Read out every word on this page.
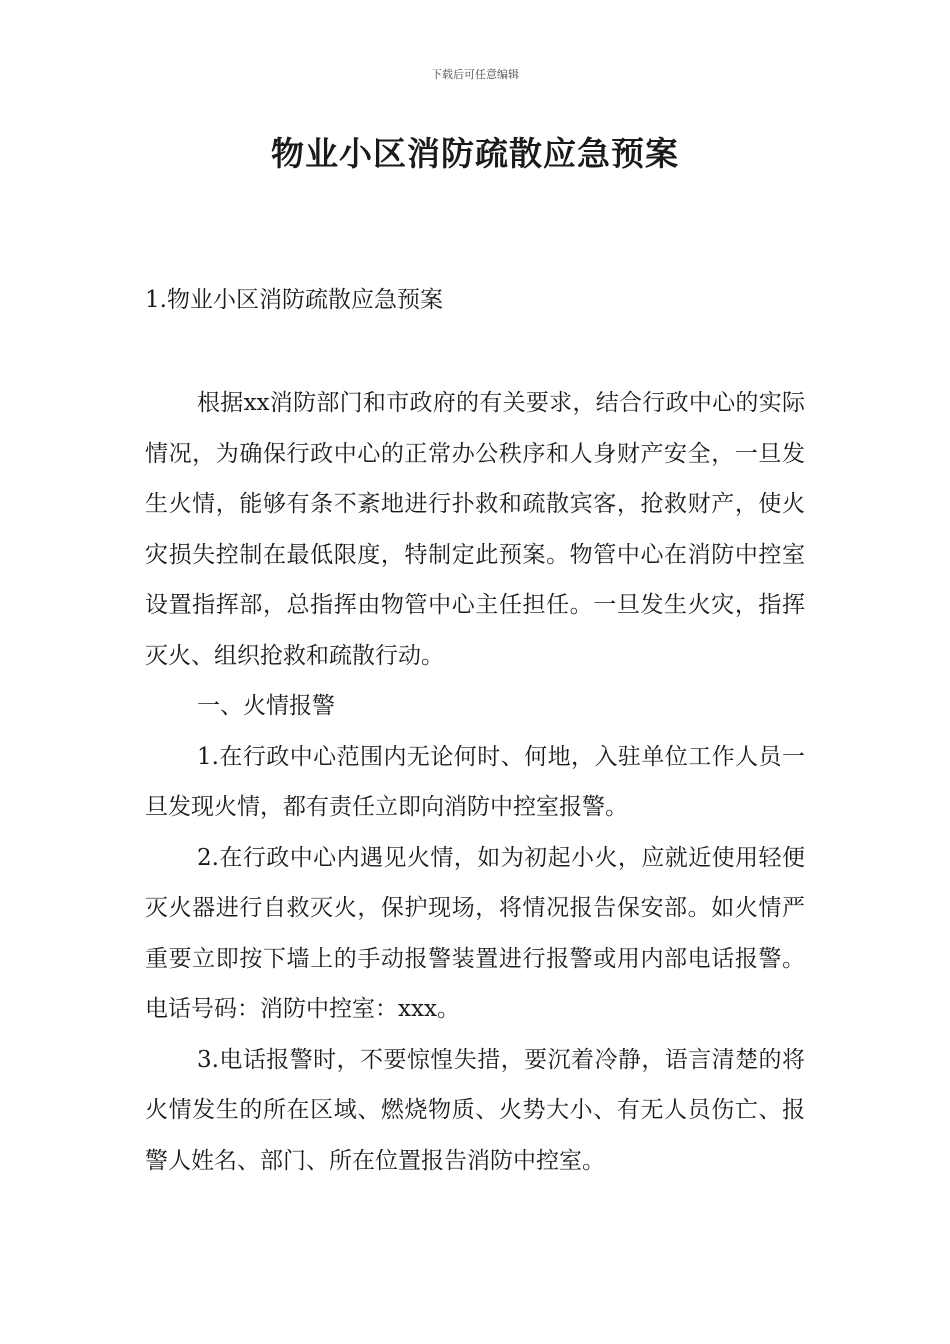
下载后可任意编辑
物业小区消防疏散应急预案
1.物业小区消防疏散应急预案

根据xx消防部门和市政府的有关要求，结合行政中心的实际情况，为确保行政中心的正常办公秩序和人身财产安全，一旦发生火情，能够有条不紊地进行扑救和疏散宾客，抢救财产，使火灾损失控制在最低限度，特制定此预案。物管中心在消防中控室设置指挥部，总指挥由物管中心主任担任。一旦发生火灾，指挥灭火、组织抢救和疏散行动。

一、火情报警

1.在行政中心范围内无论何时、何地，入驻单位工作人员一旦发现火情，都有责任立即向消防中控室报警。

2.在行政中心内遇见火情，如为初起小火，应就近使用轻便灭火器进行自救灭火，保护现场，将情况报告保安部。如火情严重要立即按下墙上的手动报警装置进行报警或用内部电话报警。电话号码：消防中控室：xxx。

3.电话报警时，不要惊惶失措，要沉着冷静，语言清楚的将火情发生的所在区域、燃烧物质、火势大小、有无人员伤亡、报警人姓名、部门、所在位置报告消防中控室。
